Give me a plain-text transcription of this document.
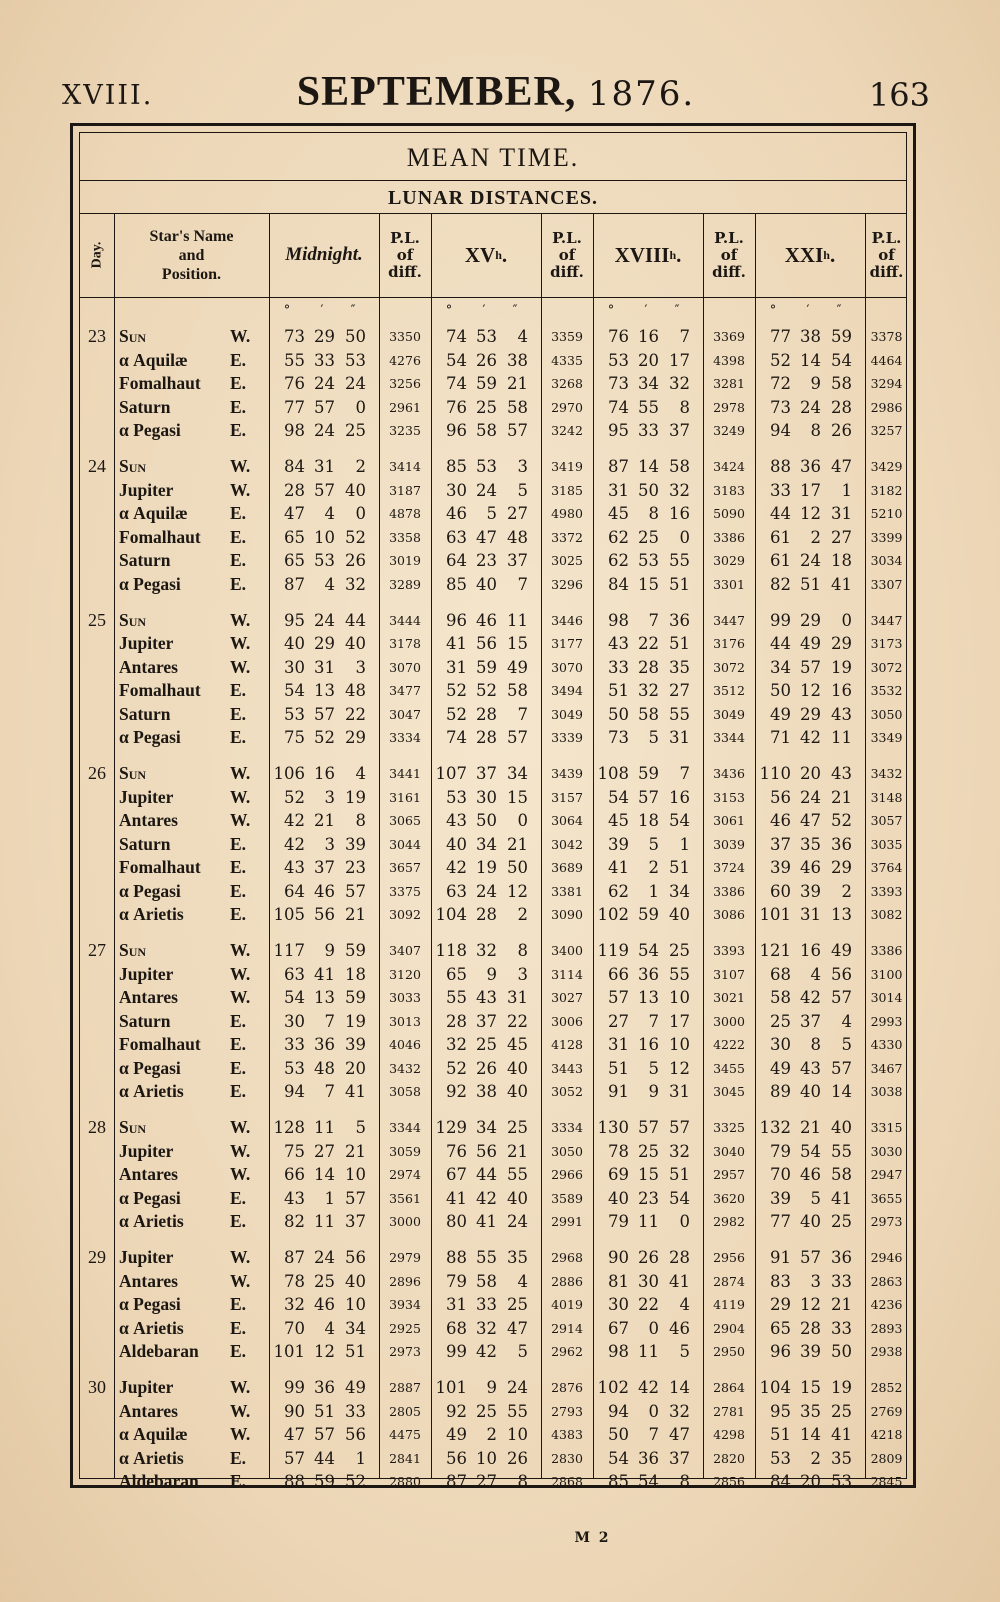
XVIII.	SEPTEMBER, 1876.	163
MEAN TIME.
LUNAR DISTANCES.
Day.
Star's Name
and
Position.
Midnight.
P.L.
of
diff.
XV h .
P.L.
of
diff.
XVIII h .
P.L.
of
diff.
XXI h .
P.L.
of
diff.
°	′	″	°	′	″	°	′	″	°	′	″
23 Sun	W.	73 29 50	3350	74 53	4	3359	76 16	7	3369	77 38 59	3378
α Aquilæ	E.	55 33 53	4276	54 26 38	4335	53 20 17	4398	52 14 54	4464
Fomalhaut	E.	76 24 24	3256	74 59 21	3268	73 34 32	3281	72	9 58	3294
Saturn	E.	77 57	0	2961	76 25 58	2970	74 55	8	2978	73 24 28	2986
α Pegasi	E.	98 24 25	3235	96 58 57	3242	95 33 37	3249	94	8 26	3257
24 Sun	W.	84 31	2	3414	85 53	3	3419	87 14 58	3424	88 36 47	3429
Jupiter	W.	28 57 40	3187	30 24	5	3185	31 50 32	3183	33 17	1	3182
α Aquilæ	E.	47	4	0	4878	46	5 27	4980	45	8 16	5090	44 12 31	5210
Fomalhaut	E.	65 10 52	3358	63 47 48	3372	62 25	0	3386	61	2 27	3399
Saturn	E.	65 53 26	3019	64 23 37	3025	62 53 55	3029	61 24 18	3034
α Pegasi	E.	87	4 32	3289	85 40	7	3296	84 15 51	3301	82 51 41	3307
25 Sun	W.	95 24 44	3444	96 46 11	3446	98	7 36	3447	99 29	0	3447
Jupiter	W.	40 29 40	3178	41 56 15	3177	43 22 51	3176	44 49 29	3173
Antares	W.	30 31	3	3070	31 59 49	3070	33 28 35	3072	34 57 19	3072
Fomalhaut	E.	54 13 48	3477	52 52 58	3494	51 32 27	3512	50 12 16	3532
Saturn	E.	53 57 22	3047	52 28	7	3049	50 58 55	3049	49 29 43	3050
α Pegasi	E.	75 52 29	3334	74 28 57	3339	73	5 31	3344	71 42 11	3349
26 Sun	W.	106 16	4	3441 107 37 34	3439 108 59	7	3436 110 20 43	3432
Jupiter	W.	52	3 19	3161	53 30 15	3157	54 57 16	3153	56 24 21	3148
Antares	W.	42 21	8	3065	43 50	0	3064	45 18 54	3061	46 47 52	3057
Saturn	E.	42	3 39	3044	40 34 21	3042	39	5	1	3039	37 35 36	3035
Fomalhaut	E.	43 37 23	3657	42 19 50	3689	41	2 51	3724	39 46 29	3764
α Pegasi	E.	64 46 57	3375	63 24 12	3381	62	1 34	3386	60 39	2	3393
α Arietis	E.	105 56 21	3092 104 28	2	3090 102 59 40	3086 101 31 13	3082
27 Sun	W.	117	9 59	3407 118 32	8	3400 119 54 25	3393 121 16 49	3386
Jupiter	W.	63 41 18	3120	65	9	3	3114	66 36 55	3107	68	4 56	3100
Antares	W.	54 13 59	3033	55 43 31	3027	57 13 10	3021	58 42 57	3014
Saturn	E.	30	7 19	3013	28 37 22	3006	27	7 17	3000	25 37	4	2993
Fomalhaut	E.	33 36 39	4046	32 25 45	4128	31 16 10	4222	30	8	5	4330
α Pegasi	E.	53 48 20	3432	52 26 40	3443	51	5 12	3455	49 43 57	3467
α Arietis	E.	94	7 41	3058	92 38 40	3052	91	9 31	3045	89 40 14	3038
28 Sun	W.	128 11	5	3344 129 34 25	3334 130 57 57	3325 132 21 40	3315
Jupiter	W.	75 27 21	3059	76 56 21	3050	78 25 32	3040	79 54 55	3030
Antares	W.	66 14 10	2974	67 44 55	2966	69 15 51	2957	70 46 58	2947
α Pegasi	E.	43	1 57	3561	41 42 40	3589	40 23 54	3620	39	5 41	3655
α Arietis	E.	82 11 37	3000	80 41 24	2991	79 11	0	2982	77 40 25	2973
29 Jupiter	W.	87 24 56	2979	88 55 35	2968	90 26 28	2956	91 57 36	2946
Antares	W.	78 25 40	2896	79 58	4	2886	81 30 41	2874	83	3 33	2863
α Pegasi	E.	32 46 10	3934	31 33 25	4019	30 22	4	4119	29 12 21	4236
α Arietis	E.	70	4 34	2925	68 32 47	2914	67	0 46	2904	65 28 33	2893
Aldebaran	E.	101 12 51	2973	99 42	5	2962	98 11	5	2950	96 39 50	2938
30 Jupiter	W.	99 36 49	2887 101	9 24	2876 102 42 14	2864 104 15 19	2852
Antares	W.	90 51 33	2805	92 25 55	2793	94	0 32	2781	95 35 25	2769
α Aquilæ	W.	47 57 56	4475	49	2 10	4383	50	7 47	4298	51 14 41	4218
α Arietis	E.	57 44	1	2841	56 10 26	2830	54 36 37	2820	53	2 35	2809
Aldebaran	E.	88 59 52	2880	87 27	8	2868	85 54	8	2856	84 20 53	2845
M 2
